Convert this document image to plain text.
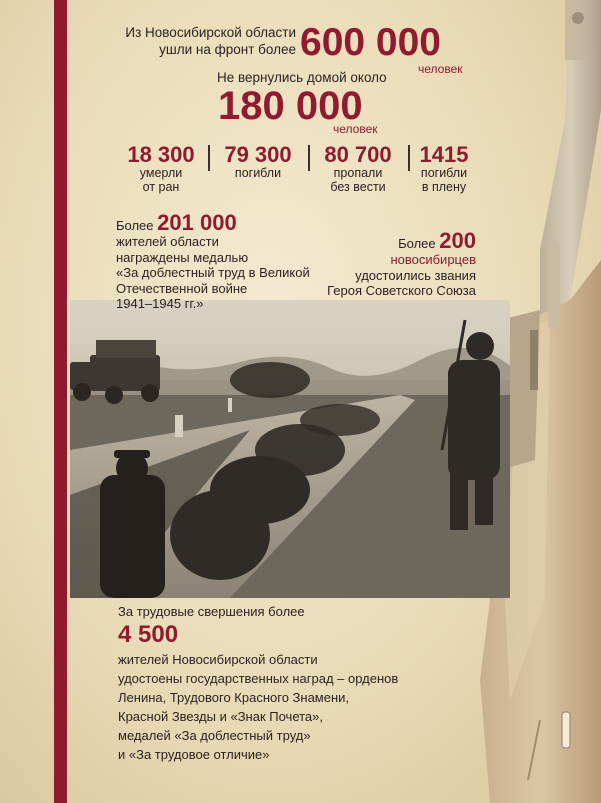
Из Новосибирской области
ушли на фронт более 600 000
человек
Не вернулись домой около
180 000
человек
18 300
умерли
от ран
79 300
погибли
80 700
пропали
без вести
1415
погибли
в плену
Более 201 000
жителей области
награждены медалью
«За доблестный труд в Великой
Отечественной войне
1941–1945 гг.»
Более 200
новосибирцев
удостоились звания
Героя Советского Союза
За трудовые свершения более
4 500
жителей Новосибирской области
удостоены государственных наград – орденов
Ленина, Трудового Красного Знамени,
Красной Звезды и «Знак Почета»,
медалей «За доблестный труд»
и «За трудовое отличие»
